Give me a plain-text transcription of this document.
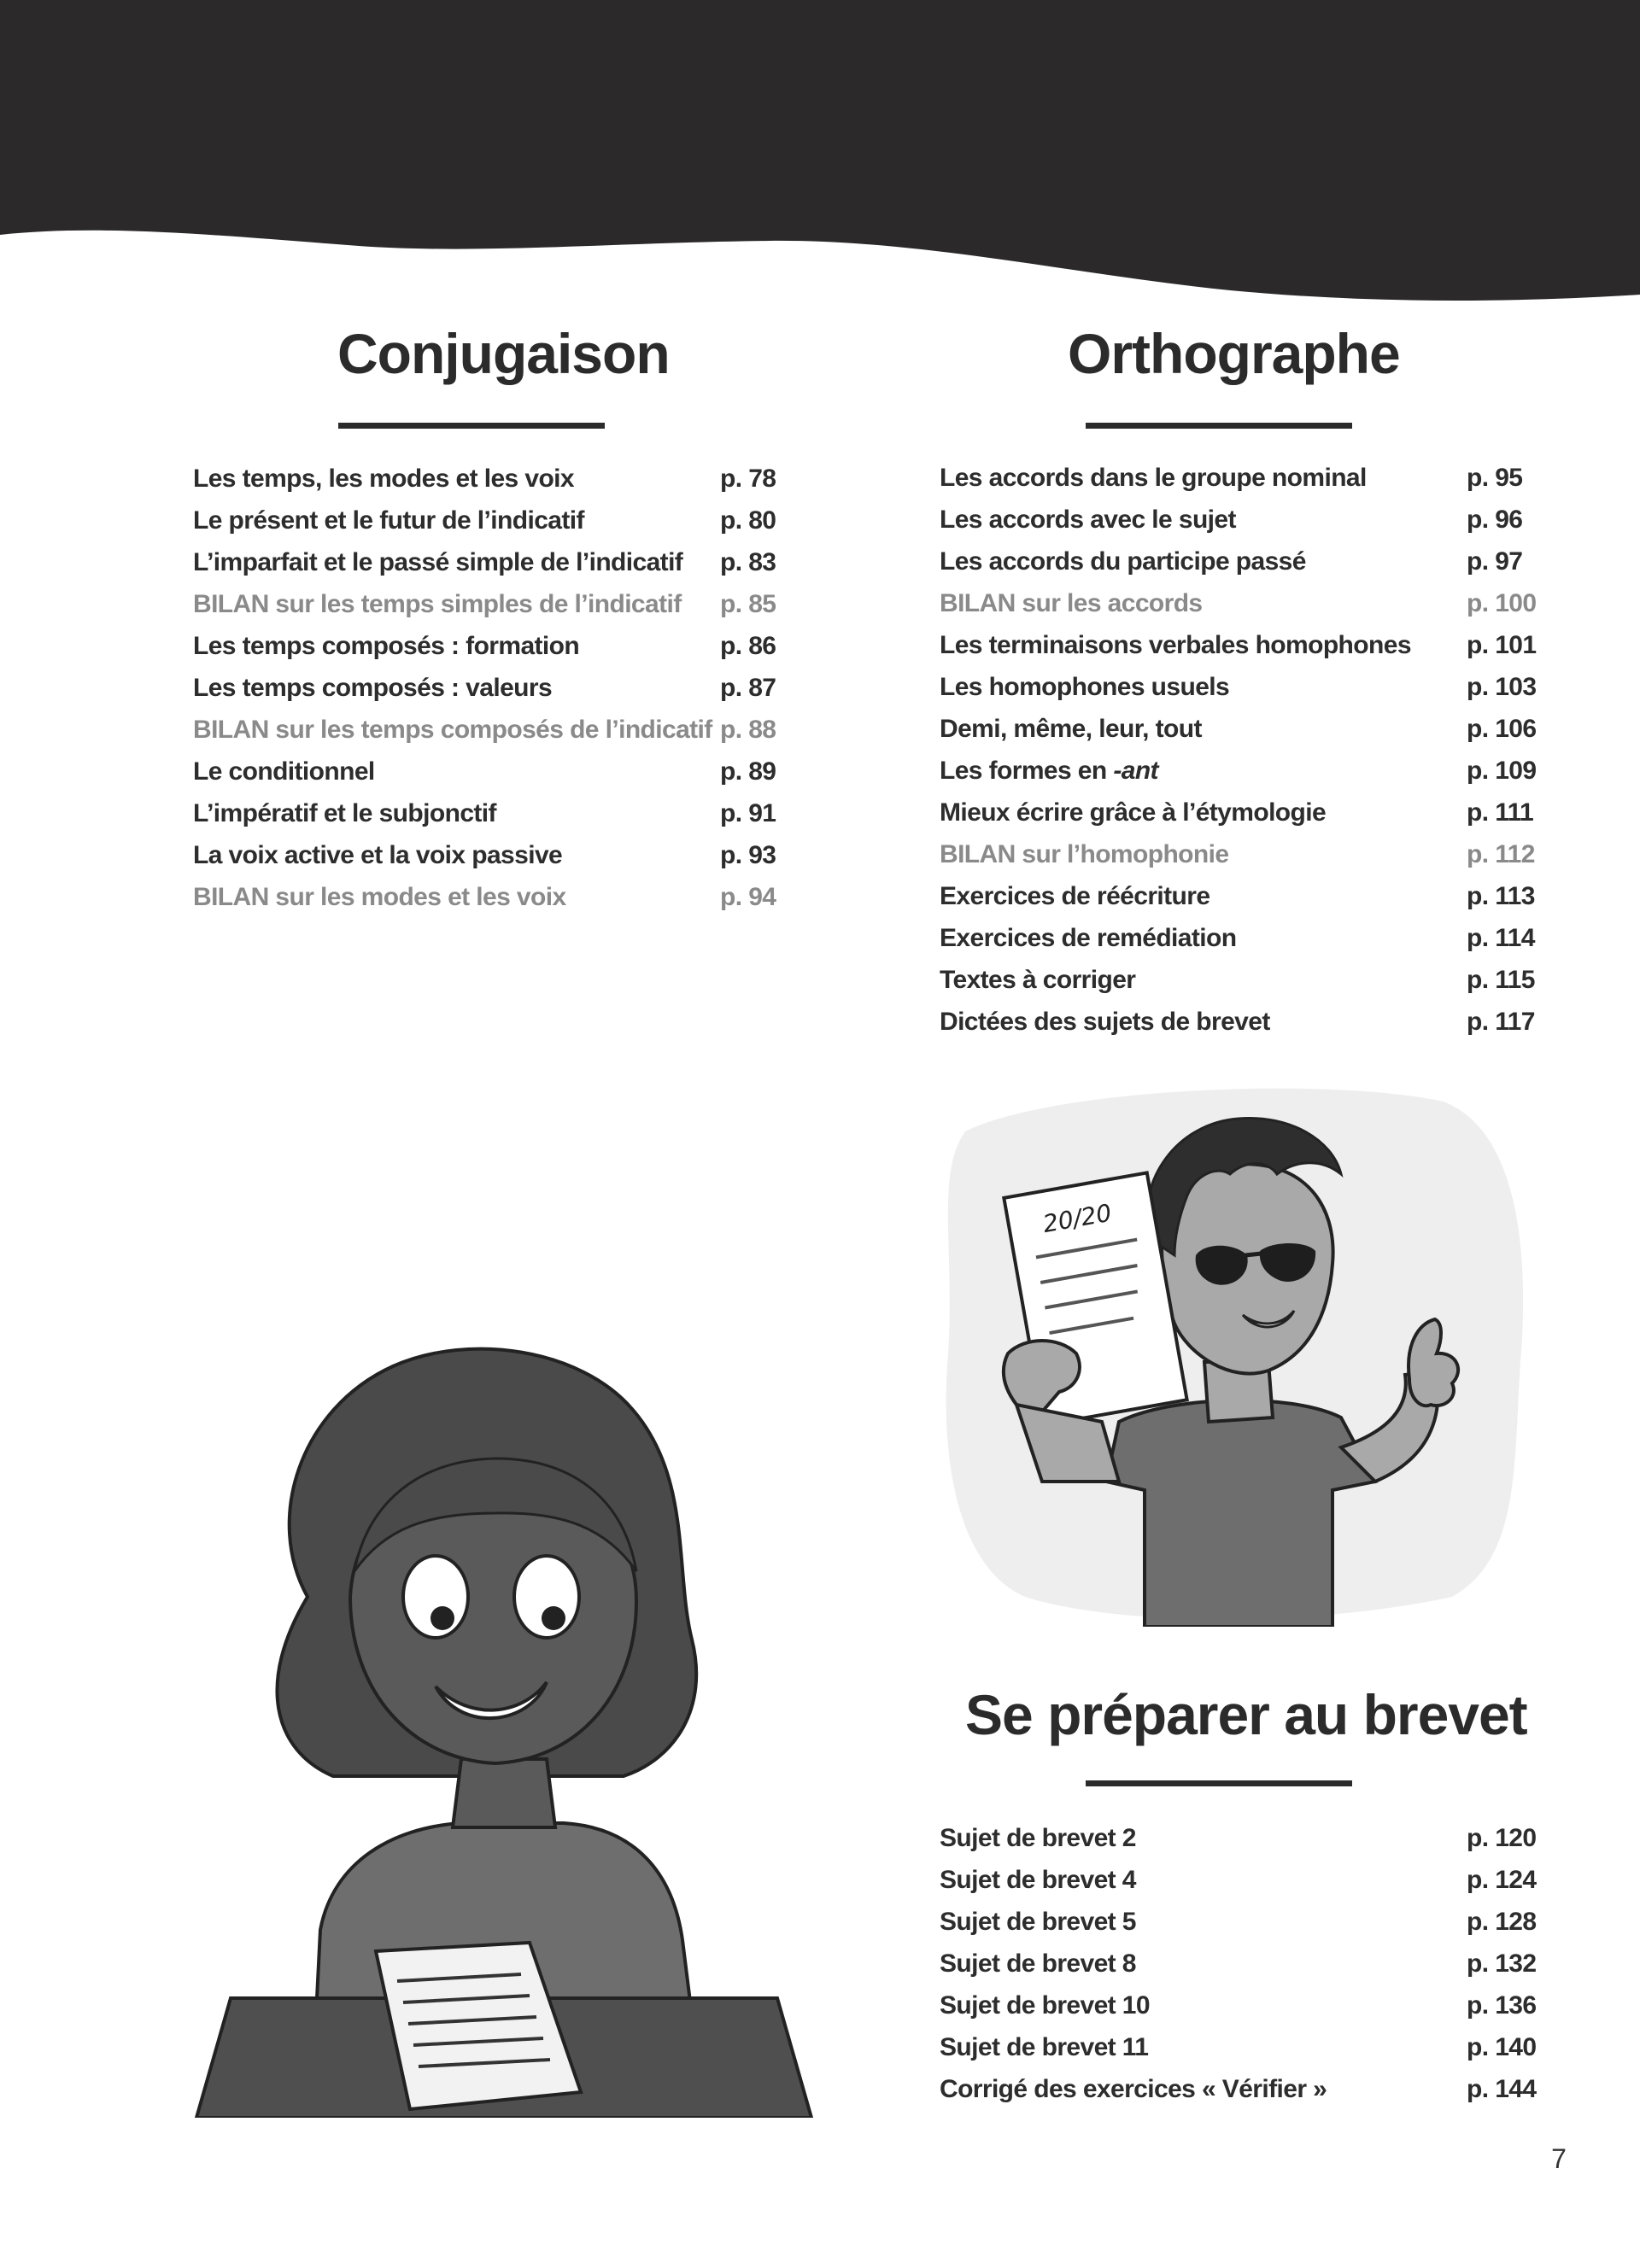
Conjugaison
Les temps, les modes et les voix	p. 78
Le présent et le futur de l’indicatif	p. 80
L’imparfait et le passé simple de l’indicatif p. 83
BILAN sur les temps simples de l’indicatif p. 85
Les temps composés : formation	p. 86
Les temps composés : valeurs	p. 87
BILAN sur les temps composés de l’indicatif p. 88
Le conditionnel	p. 89
L’impératif et le subjonctif	p. 91
La voix active et la voix passive	p. 93
BILAN sur les modes et les voix	p. 94
Orthographe
Les accords dans le groupe nominal	p. 95
Les accords avec le sujet	p. 96
Les accords du participe passé	p. 97
BILAN sur les accords	p. 100
Les terminaisons verbales homophones p. 101
Les homophones usuels	p. 103
Demi, même, leur, tout	p. 106
Les formes en -ant	p. 109
Mieux écrire grâce à l’étymologie	p. 111
BILAN sur l’homophonie	p. 112
Exercices de réécriture	p. 113
Exercices de remédiation	p. 114
Textes à corriger	p. 115
Dictées des sujets de brevet	p. 117
Se préparer au brevet
Sujet de brevet 2	p. 120
Sujet de brevet 4	p. 124
Sujet de brevet 5	p. 128
Sujet de brevet 8	p. 132
Sujet de brevet 10	p. 136
Sujet de brevet 11	p. 140
Corrigé des exercices « Vérifier »	p. 144
20/20
7
